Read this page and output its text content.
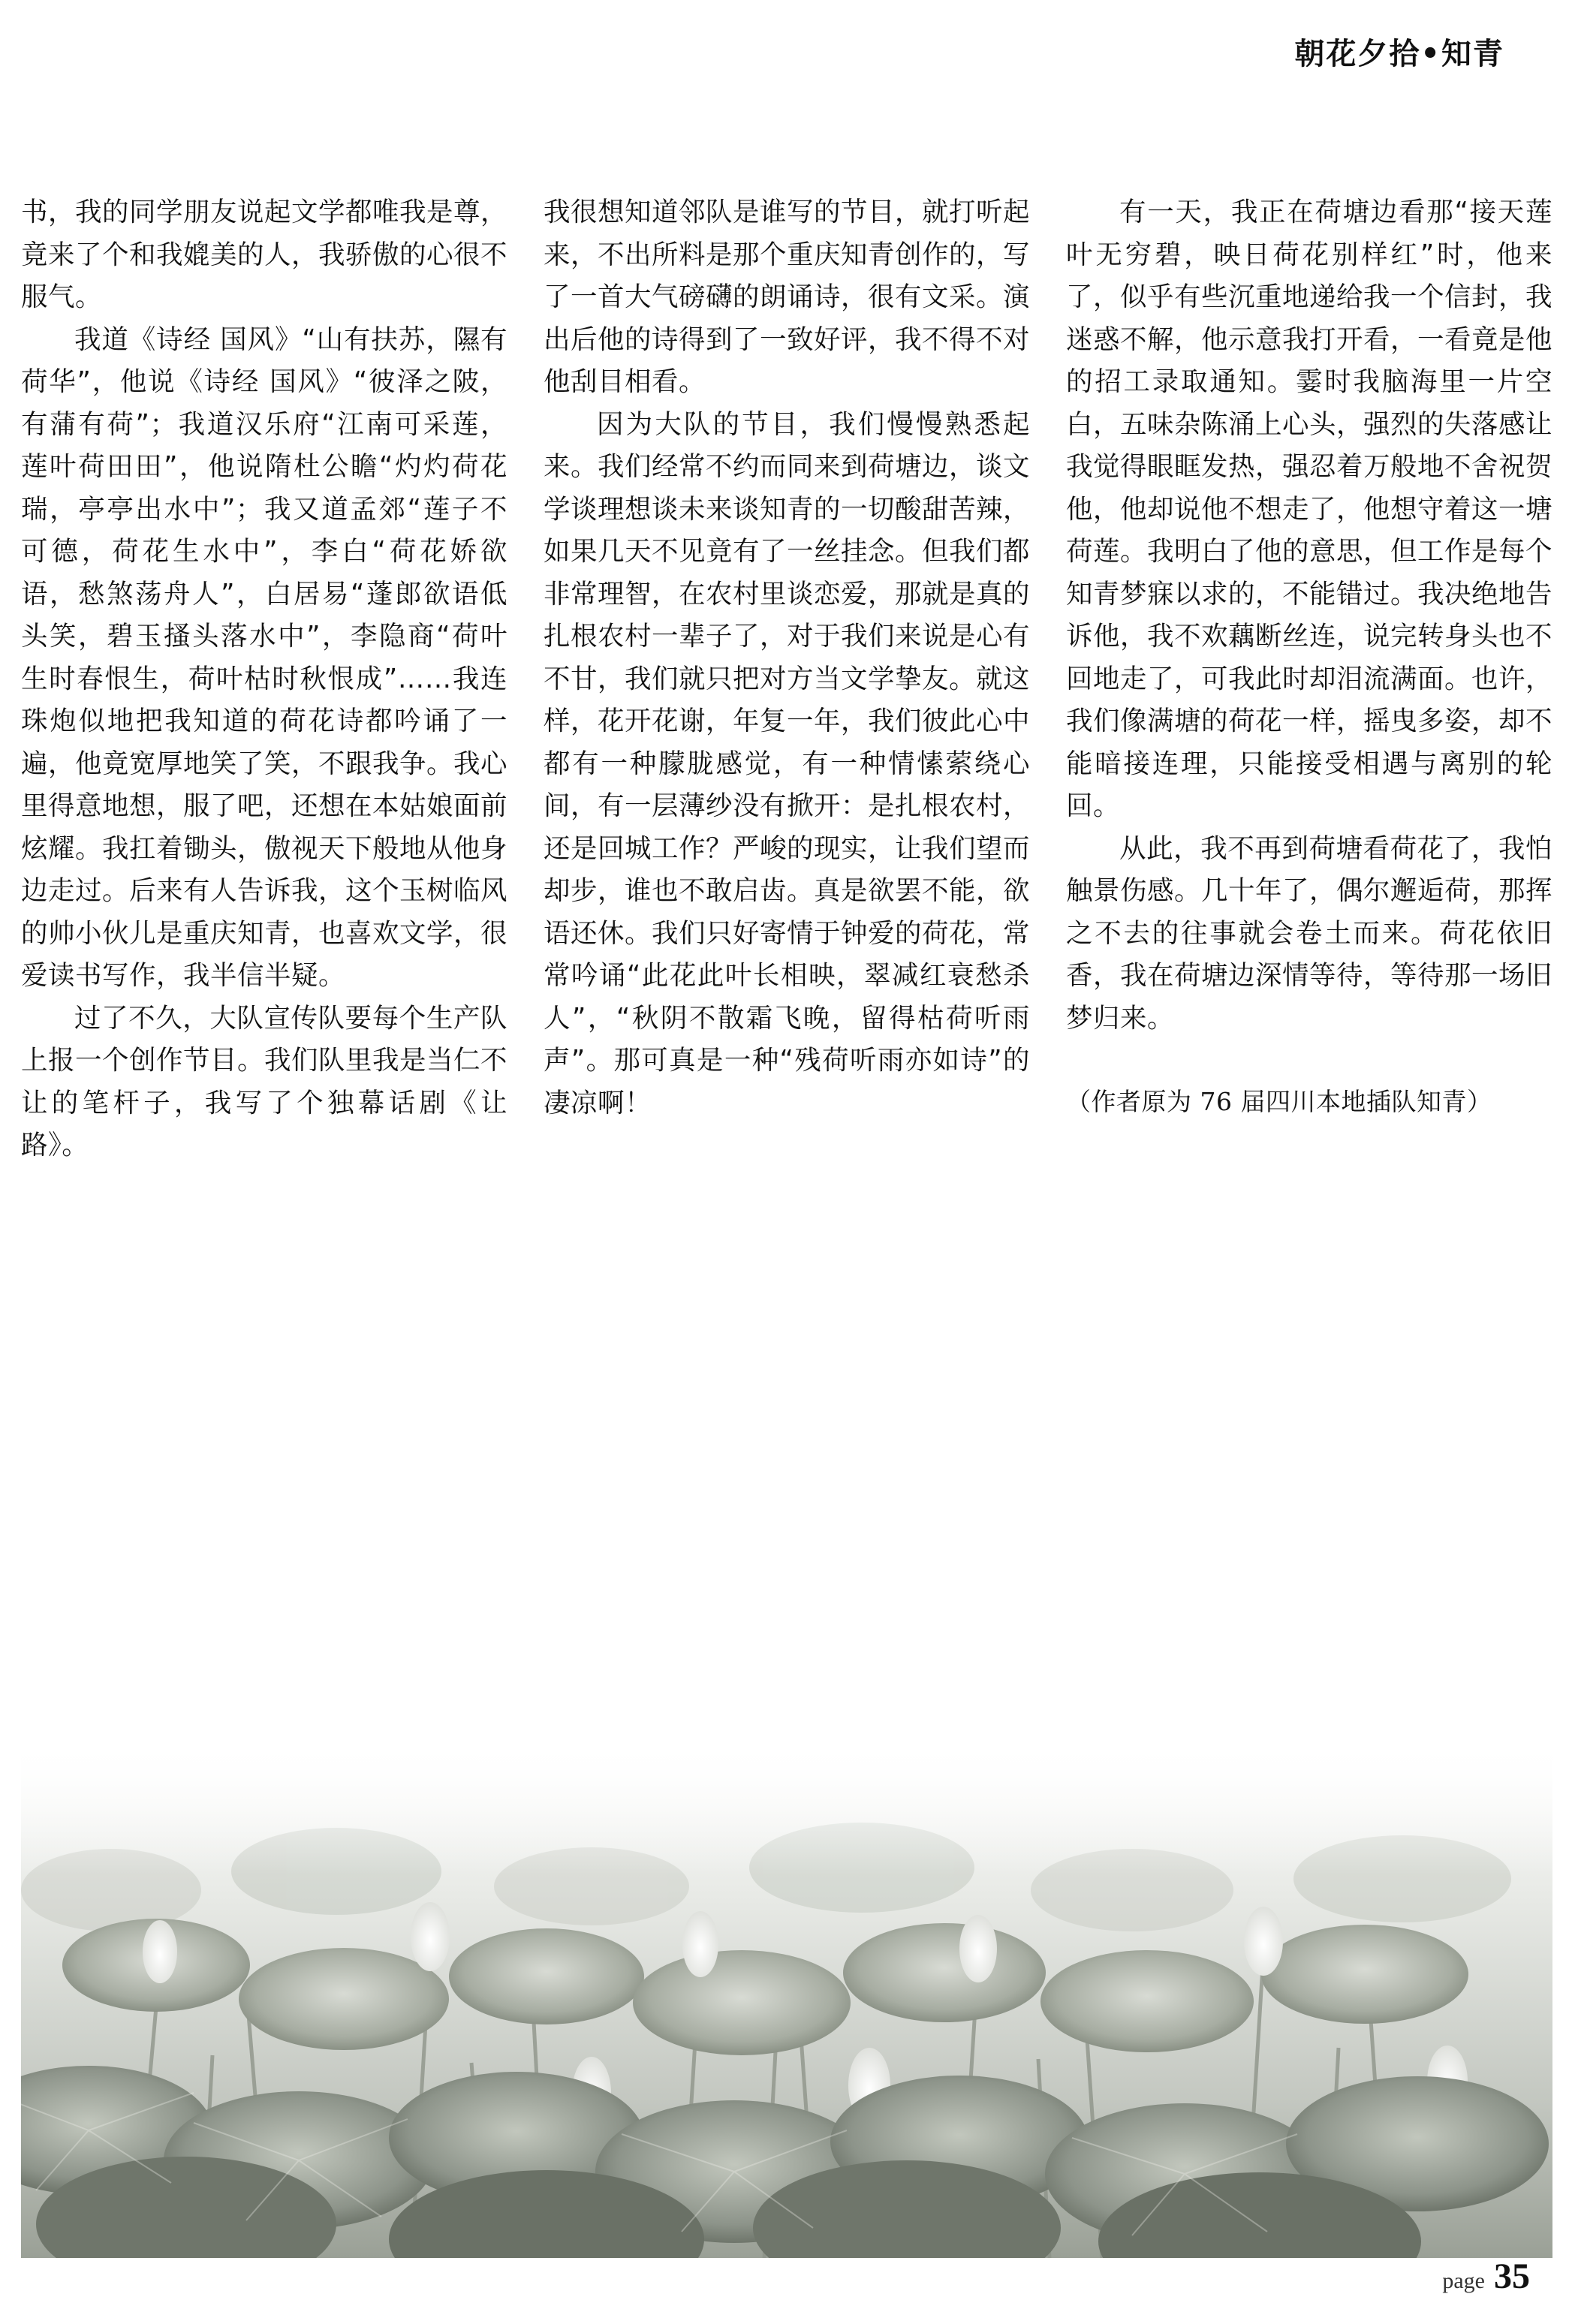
朝花夕拾•知青

书，我的同学朋友说起文学都唯我是尊，竟来了个和我媲美的人，我骄傲的心很不服气。

我道《诗经 国风》“山有扶苏，隰有荷华”，他说《诗经 国风》“彼泽之陂，有蒲有荷”；我道汉乐府“江南可采莲，莲叶荷田田”，他说隋杜公瞻“灼灼荷花瑞，亭亭出水中”；我又道孟郊“莲子不可德，荷花生水中”，李白“荷花娇欲语，愁煞荡舟人”，白居易“蓬郎欲语低头笑，碧玉搔头落水中”，李隐商“荷叶生时春恨生，荷叶枯时秋恨成”……我连珠炮似地把我知道的荷花诗都吟诵了一遍，他竟宽厚地笑了笑，不跟我争。我心里得意地想，服了吧，还想在本姑娘面前炫耀。我扛着锄头，傲视天下般地从他身边走过。后来有人告诉我，这个玉树临风的帅小伙儿是重庆知青，也喜欢文学，很爱读书写作，我半信半疑。

过了不久，大队宣传队要每个生产队上报一个创作节目。我们队里我是当仁不让的笔杆子，我写了个独幕话剧《让路》。

我很想知道邻队是谁写的节目，就打听起来，不出所料是那个重庆知青创作的，写了一首大气磅礴的朗诵诗，很有文采。演出后他的诗得到了一致好评，我不得不对他刮目相看。

因为大队的节目，我们慢慢熟悉起来。我们经常不约而同来到荷塘边，谈文学谈理想谈未来谈知青的一切酸甜苦辣，如果几天不见竟有了一丝挂念。但我们都非常理智，在农村里谈恋爱，那就是真的扎根农村一辈子了，对于我们来说是心有不甘，我们就只把对方当文学挚友。就这样，花开花谢，年复一年，我们彼此心中都有一种朦胧感觉，有一种情愫萦绕心间，有一层薄纱没有掀开：是扎根农村，还是回城工作？严峻的现实，让我们望而却步，谁也不敢启齿。真是欲罢不能，欲语还休。我们只好寄情于钟爱的荷花，常常吟诵“此花此叶长相映，翠减红衰愁杀人”，“秋阴不散霜飞晚，留得枯荷听雨声”。那可真是一种“残荷听雨亦如诗”的凄凉啊！

有一天，我正在荷塘边看那“接天莲叶无穷碧，映日荷花别样红”时，他来了，似乎有些沉重地递给我一个信封，我迷惑不解，他示意我打开看，一看竟是他的招工录取通知。霎时我脑海里一片空白，五味杂陈涌上心头，强烈的失落感让我觉得眼眶发热，强忍着万般地不舍祝贺他，他却说他不想走了，他想守着这一塘荷莲。我明白了他的意思，但工作是每个知青梦寐以求的，不能错过。我决绝地告诉他，我不欢藕断丝连，说完转身头也不回地走了，可我此时却泪流满面。也许，我们像满塘的荷花一样，摇曳多姿，却不能暗接连理，只能接受相遇与离别的轮回。

从此，我不再到荷塘看荷花了，我怕触景伤感。几十年了，偶尔邂逅荷，那挥之不去的往事就会卷土而来。荷花依旧香，我在荷塘边深情等待，等待那一场旧梦归来。

（作者原为 76 届四川本地插队知青）

page 35
